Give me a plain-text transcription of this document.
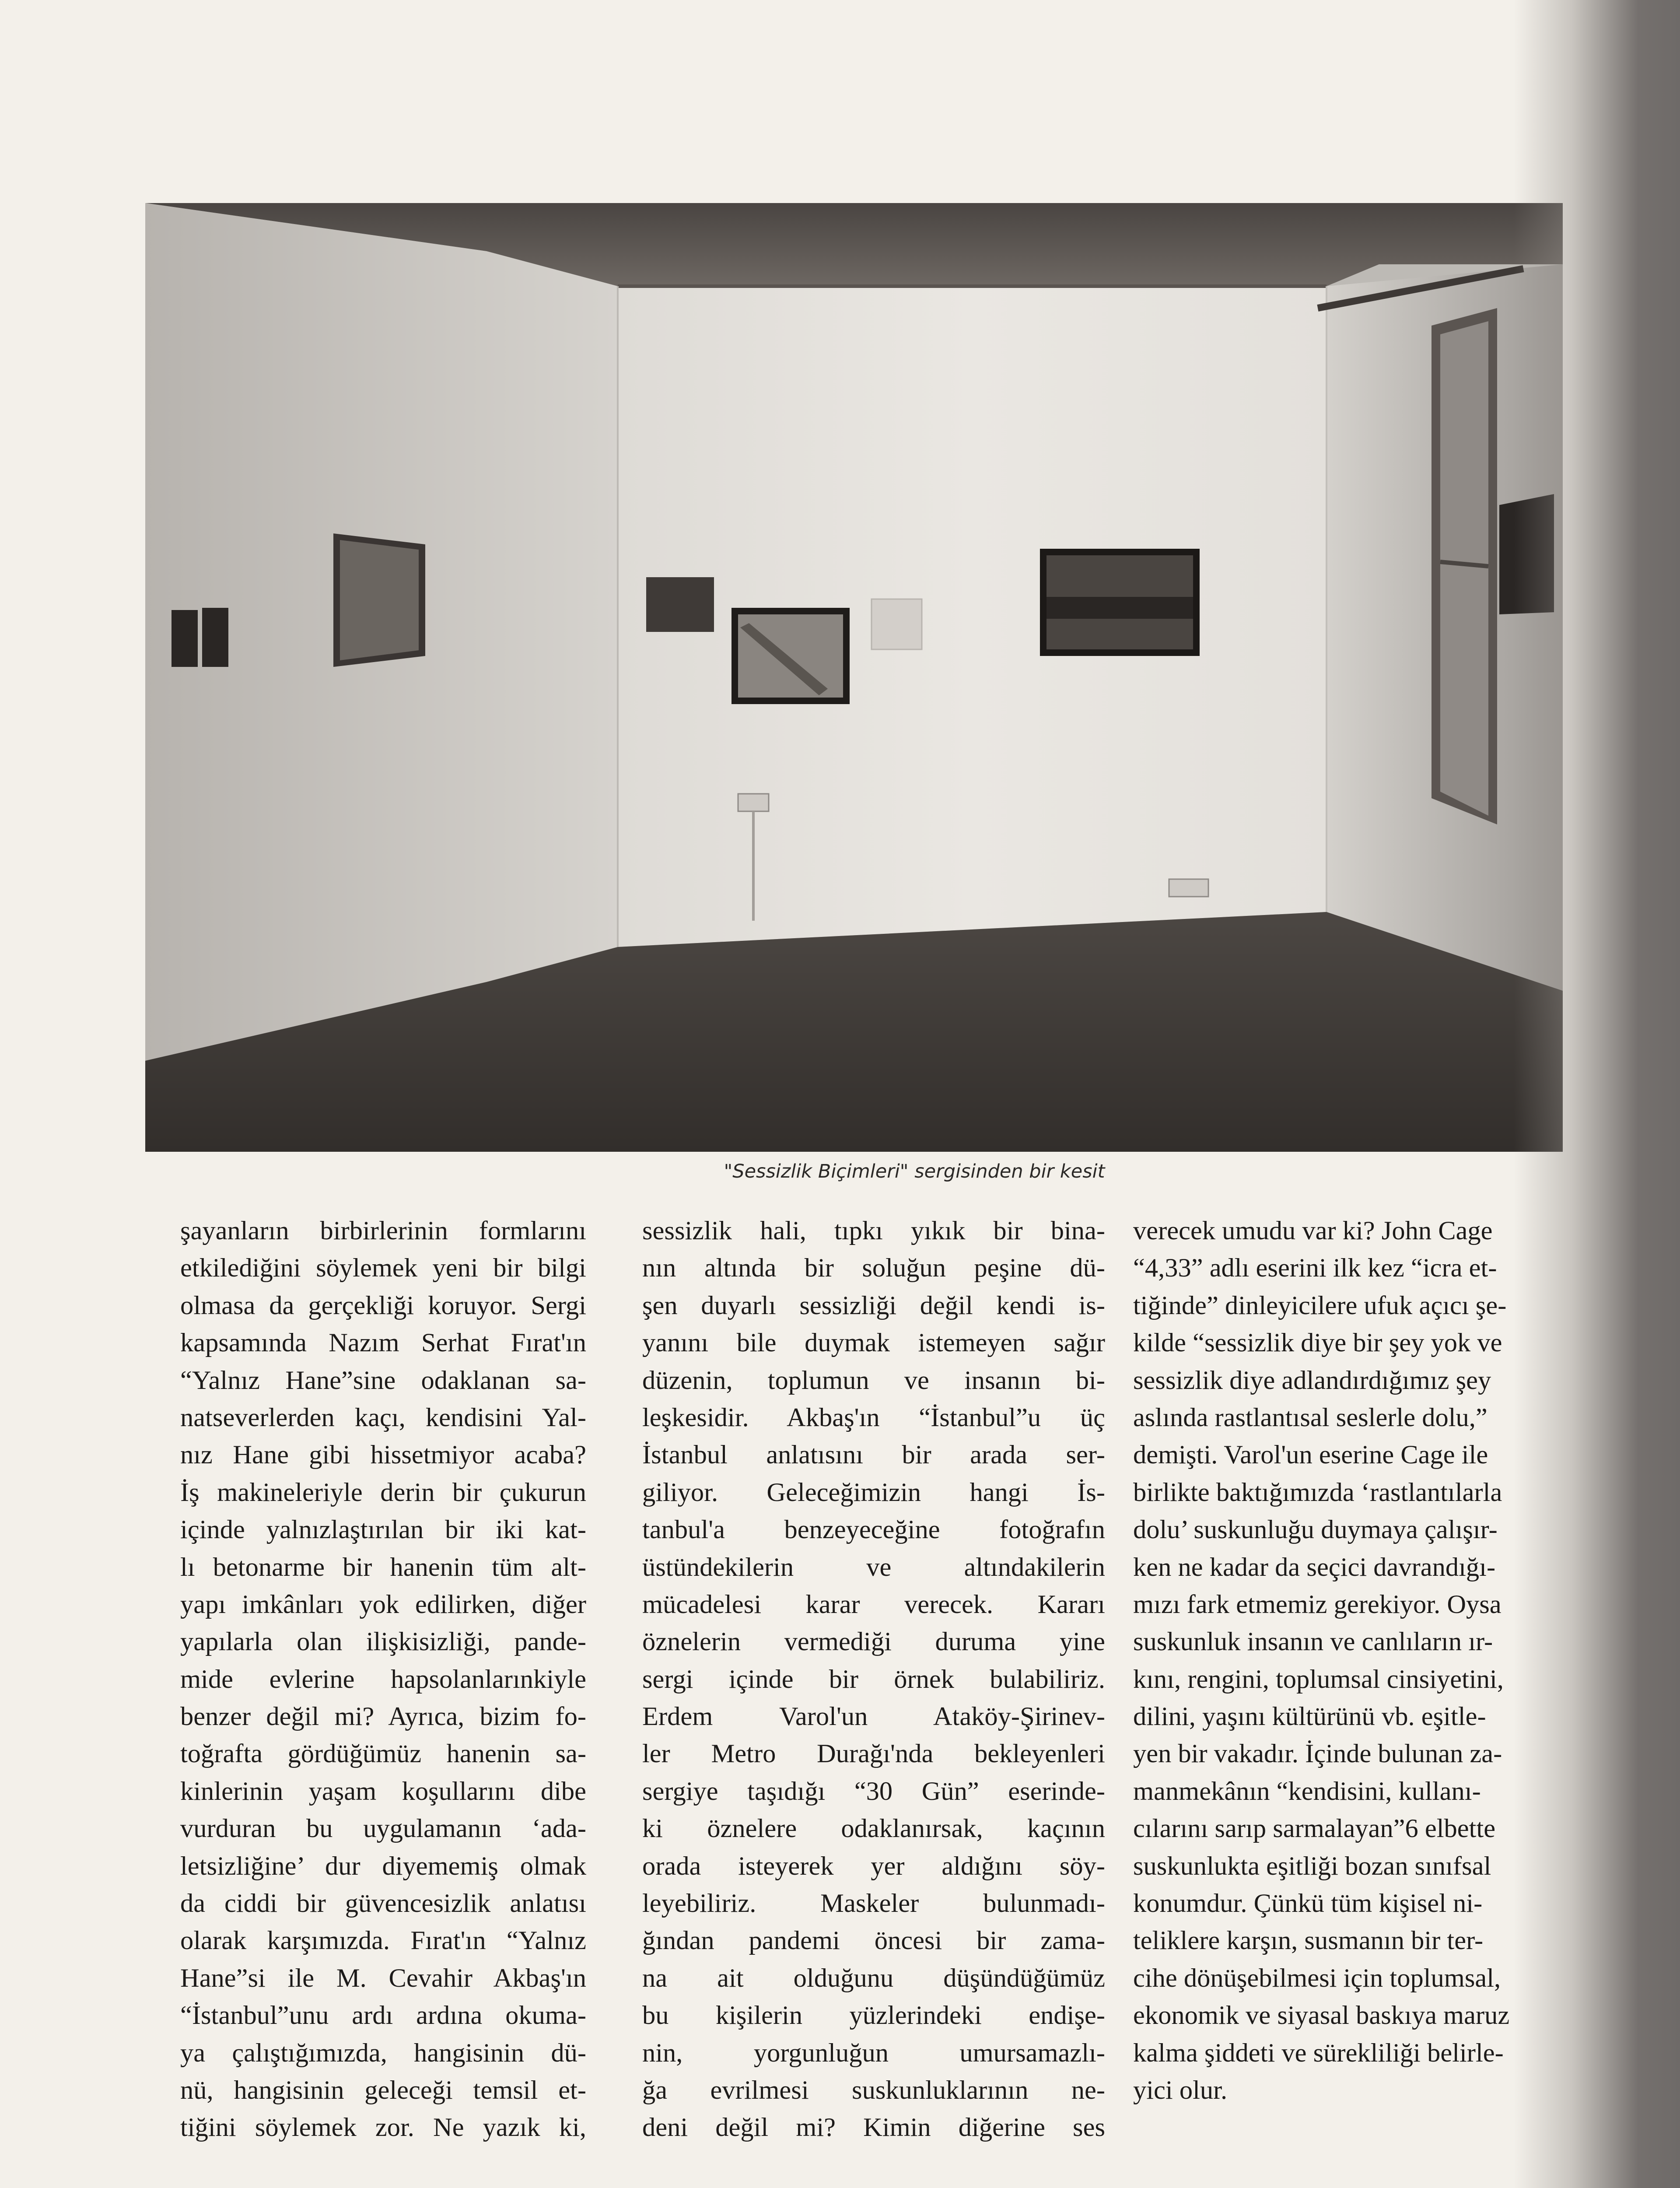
"Sessizlik Biçimleri" sergisinden bir kesit
şayanların birbirlerinin formlarını
etkilediğini söylemek yeni bir bilgi
olmasa da gerçekliği koruyor. Sergi
kapsamında Nazım Serhat Fırat'ın
“Yalnız Hane”sine odaklanan sa-
natseverlerden kaçı, kendisini Yal-
nız Hane gibi hissetmiyor acaba?
İş makineleriyle derin bir çukurun
içinde yalnızlaştırılan bir iki kat-
lı betonarme bir hanenin tüm alt-
yapı imkânları yok edilirken, diğer
yapılarla olan ilişkisizliği, pande-
mide evlerine hapsolanlarınkiyle
benzer değil mi? Ayrıca, bizim fo-
toğrafta gördüğümüz hanenin sa-
kinlerinin yaşam koşullarını dibe
vurduran bu uygulamanın ‘ada-
letsizliğine’ dur diyememiş olmak
da ciddi bir güvencesizlik anlatısı
olarak karşımızda. Fırat'ın “Yalnız
Hane”si ile M. Cevahir Akbaş'ın
“İstanbul”unu ardı ardına okuma-
ya çalıştığımızda, hangisinin dü-
nü, hangisinin geleceği temsil et-
tiğini söylemek zor. Ne yazık ki,
sessizlik hali, tıpkı yıkık bir bina-
nın altında bir soluğun peşine dü-
şen duyarlı sessizliği değil kendi is-
yanını bile duymak istemeyen sağır
düzenin, toplumun ve insanın bi-
leşkesidir. Akbaş'ın “İstanbul”u üç
İstanbul anlatısını bir arada ser-
giliyor. Geleceğimizin hangi İs-
tanbul'a benzeyeceğine fotoğrafın
üstündekilerin ve altındakilerin
mücadelesi karar verecek. Kararı
öznelerin vermediği duruma yine
sergi içinde bir örnek bulabiliriz.
Erdem Varol'un Ataköy-Şirinev-
ler Metro Durağı'nda bekleyenleri
sergiye taşıdığı “30 Gün” eserinde-
ki öznelere odaklanırsak, kaçının
orada isteyerek yer aldığını söy-
leyebiliriz. Maskeler bulunmadı-
ğından pandemi öncesi bir zama-
na ait olduğunu düşündüğümüz
bu kişilerin yüzlerindeki endişe-
nin, yorgunluğun umursamazlı-
ğa evrilmesi suskunluklarının ne-
deni değil mi? Kimin diğerine ses
verecek umudu var ki? John Cage
“4,33” adlı eserini ilk kez “icra et-
tiğinde” dinleyicilere ufuk açıcı şe-
kilde “sessizlik diye bir şey yok ve
sessizlik diye adlandırdığımız şey
aslında rastlantısal seslerle dolu,”
demişti. Varol'un eserine Cage ile
birlikte baktığımızda ‘rastlantılarla
dolu’ suskunluğu duymaya çalışır-
ken ne kadar da seçici davrandığı-
mızı fark etmemiz gerekiyor. Oysa
suskunluk insanın ve canlıların ır-
kını, rengini, toplumsal cinsiyetini,
dilini, yaşını kültürünü vb. eşitle-
yen bir vakadır. İçinde bulunan za-
manmekânın “kendisini, kullanı-
cılarını sarıp sarmalayan”6 elbette
suskunlukta eşitliği bozan sınıfsal
konumdur. Çünkü tüm kişisel ni-
teliklere karşın, susmanın bir ter-
cihe dönüşebilmesi için toplumsal,
ekonomik ve siyasal baskıya maruz
kalma şiddeti ve sürekliliği belirle-
yici olur.
